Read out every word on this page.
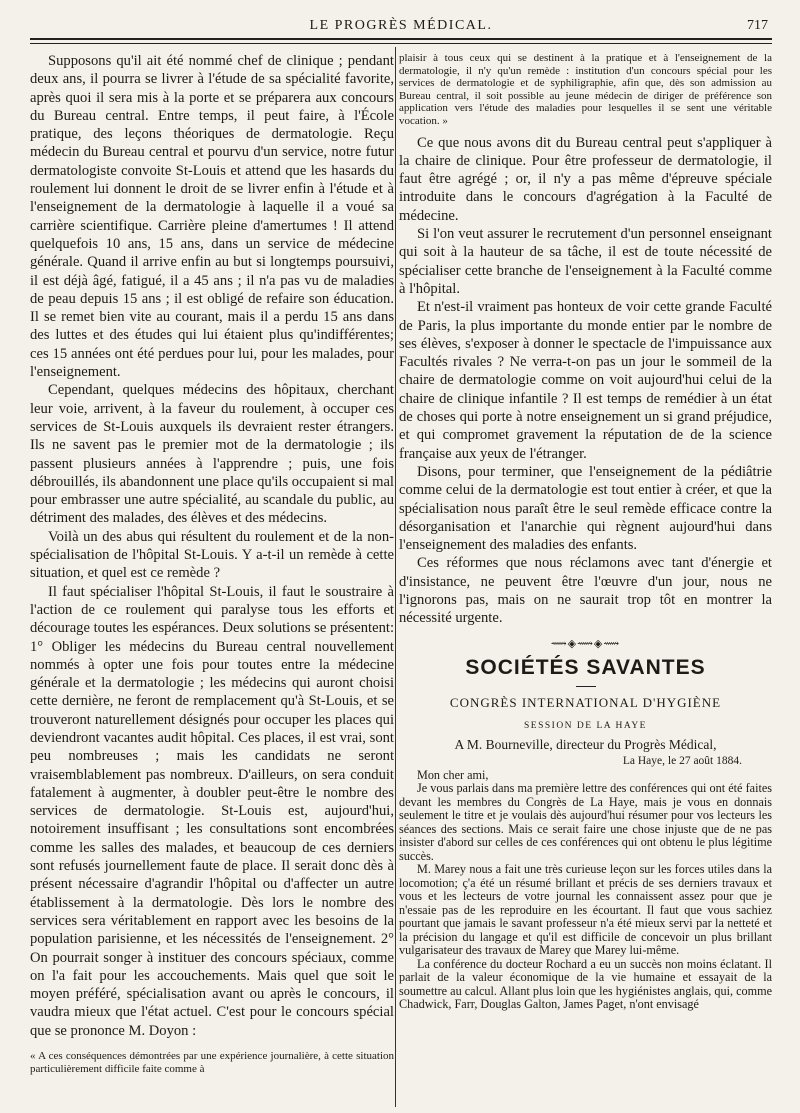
LE PROGRÈS MÉDICAL.	717

Supposons qu'il ait été nommé chef de clinique ; pendant deux ans, il pourra se livrer à l'étude de sa spécialité favorite, après quoi il sera mis à la porte et se préparera aux concours du Bureau central. Entre temps, il peut faire, à l'École pratique, des leçons théoriques de dermatologie. Reçu médecin du Bureau central et pourvu d'un service, notre futur dermatologiste convoite St-Louis et attend que les hasards du roulement lui donnent le droit de se livrer enfin à l'étude et à l'enseignement de la dermatologie à laquelle il a voué sa carrière scientifique. Carrière pleine d'amertumes ! Il attend quelquefois 10 ans, 15 ans, dans un service de médecine générale. Quand il arrive enfin au but si longtemps poursuivi, il est déjà âgé, fatigué, il a 45 ans ; il n'a pas vu de maladies de peau depuis 15 ans ; il est obligé de refaire son éducation. Il se remet bien vite au courant, mais il a perdu 15 ans dans des luttes et des études qui lui étaient plus qu'indifférentes; ces 15 années ont été perdues pour lui, pour les malades, pour l'enseignement.

Cependant, quelques médecins des hôpitaux, cherchant leur voie, arrivent, à la faveur du roulement, à occuper ces services de St-Louis auxquels ils devraient rester étrangers. Ils ne savent pas le premier mot de la dermatologie ; ils passent plusieurs années à l'apprendre ; puis, une fois débrouillés, ils abandonnent une place qu'ils occupaient si mal pour embrasser une autre spécialité, au scandale du public, au détriment des malades, des élèves et des médecins.

Voilà un des abus qui résultent du roulement et de la non-spécialisation de l'hôpital St-Louis. Y a-t-il un remède à cette situation, et quel est ce remède ?

Il faut spécialiser l'hôpital St-Louis, il faut le soustraire à l'action de ce roulement qui paralyse tous les efforts et décourage toutes les espérances. Deux solutions se présentent: 1° Obliger les médecins du Bureau central nouvellement nommés à opter une fois pour toutes entre la médecine générale et la dermatologie ; les médecins qui auront choisi cette dernière, ne feront de remplacement qu'à St-Louis, et se trouveront naturellement désignés pour occuper les places qui deviendront vacantes audit hôpital. Ces places, il est vrai, sont peu nombreuses ; mais les candidats ne seront vraisemblablement pas nombreux. D'ailleurs, on sera conduit fatalement à augmenter, à doubler peut-être le nombre des services de dermatologie. St-Louis est, aujourd'hui, notoirement insuffisant ; les consultations sont encombrées comme les salles des malades, et beaucoup de ces derniers sont refusés journellement faute de place. Il serait donc dès à présent nécessaire d'agrandir l'hôpital ou d'affecter un autre établissement à la dermatologie. Dès lors le nombre des services sera véritablement en rapport avec les besoins de la population parisienne, et les nécessités de l'enseignement. 2° On pourrait songer à instituer des concours spéciaux, comme on l'a fait pour les accouchements. Mais quel que soit le moyen préféré, spécialisation avant ou après le concours, il vaudra mieux que l'état actuel. C'est pour le concours spécial que se prononce M. Doyon :

« A ces conséquences démontrées par une expérience journalière, à cette situation particulièrement difficile faite comme à

plaisir à tous ceux qui se destinent à la pratique et à l'enseignement de la dermatologie, il n'y qu'un remède : institution d'un concours spécial pour les services de dermatologie et de syphiligraphie, afin que, dès son admission au Bureau central, il soit possible au jeune médecin de diriger de préférence son application vers l'étude des maladies pour lesquelles il se sent une véritable vocation. »

Ce que nous avons dit du Bureau central peut s'appliquer à la chaire de clinique. Pour être professeur de dermatologie, il faut être agrégé ; or, il n'y a pas même d'épreuve spéciale introduite dans le concours d'agrégation à la Faculté de médecine.

Si l'on veut assurer le recrutement d'un personnel enseignant qui soit à la hauteur de sa tâche, il est de toute nécessité de spécialiser cette branche de l'enseignement à la Faculté comme à l'hôpital.

Et n'est-il vraiment pas honteux de voir cette grande Faculté de Paris, la plus importante du monde entier par le nombre de ses élèves, s'exposer à donner le spectacle de l'impuissance aux Facultés rivales ? Ne verra-t-on pas un jour le sommeil de la chaire de dermatologie comme on voit aujourd'hui celui de la chaire de clinique infantile ? Il est temps de remédier à un état de choses qui porte à notre enseignement un si grand préjudice, et qui compromet gravement la réputation de de la science française aux yeux de l'étranger.

Disons, pour terminer, que l'enseignement de la pédiâtrie comme celui de la dermatologie est tout entier à créer, et que la spécialisation nous paraît être le seul remède efficace contre la désorganisation et l'anarchie qui règnent aujourd'hui dans l'enseignement des maladies des enfants.

Ces réformes que nous réclamons avec tant d'énergie et d'insistance, ne peuvent être l'œuvre d'un jour, nous ne l'ignorons pas, mais on ne saurait trop tôt en montrer la nécessité urgente.

⟿◈⟿◈⟿
SOCIÉTÉS SAVANTES
CONGRÈS INTERNATIONAL D'HYGIÈNE
SESSION DE LA HAYE
A M. Bourneville, directeur du Progrès Médical,
La Haye, le 27 août 1884.

Mon cher ami,

Je vous parlais dans ma première lettre des conférences qui ont été faites devant les membres du Congrès de La Haye, mais je vous en donnais seulement le titre et je voulais dès aujourd'hui résumer pour vos lecteurs les séances des sections. Mais ce serait faire une chose injuste que de ne pas insister d'abord sur celles de ces conférences qui ont obtenu le plus légitime succès.

M. Marey nous a fait une très curieuse leçon sur les forces utiles dans la locomotion; ç'a été un résumé brillant et précis de ses derniers travaux et vous et les lecteurs de votre journal les connaissent assez pour que je n'essaie pas de les reproduire en les écourtant. Il faut que vous sachiez pourtant que jamais le savant professeur n'a été mieux servi par la netteté et la précision du langage et qu'il est difficile de concevoir un plus brillant vulgarisateur des travaux de Marey que Marey lui-même.

La conférence du docteur Rochard a eu un succès non moins éclatant. Il parlait de la valeur économique de la vie humaine et essayait de la soumettre au calcul. Allant plus loin que les hygiénistes anglais, qui, comme Chadwick, Farr, Douglas Galton, James Paget, n'ont envisagé
